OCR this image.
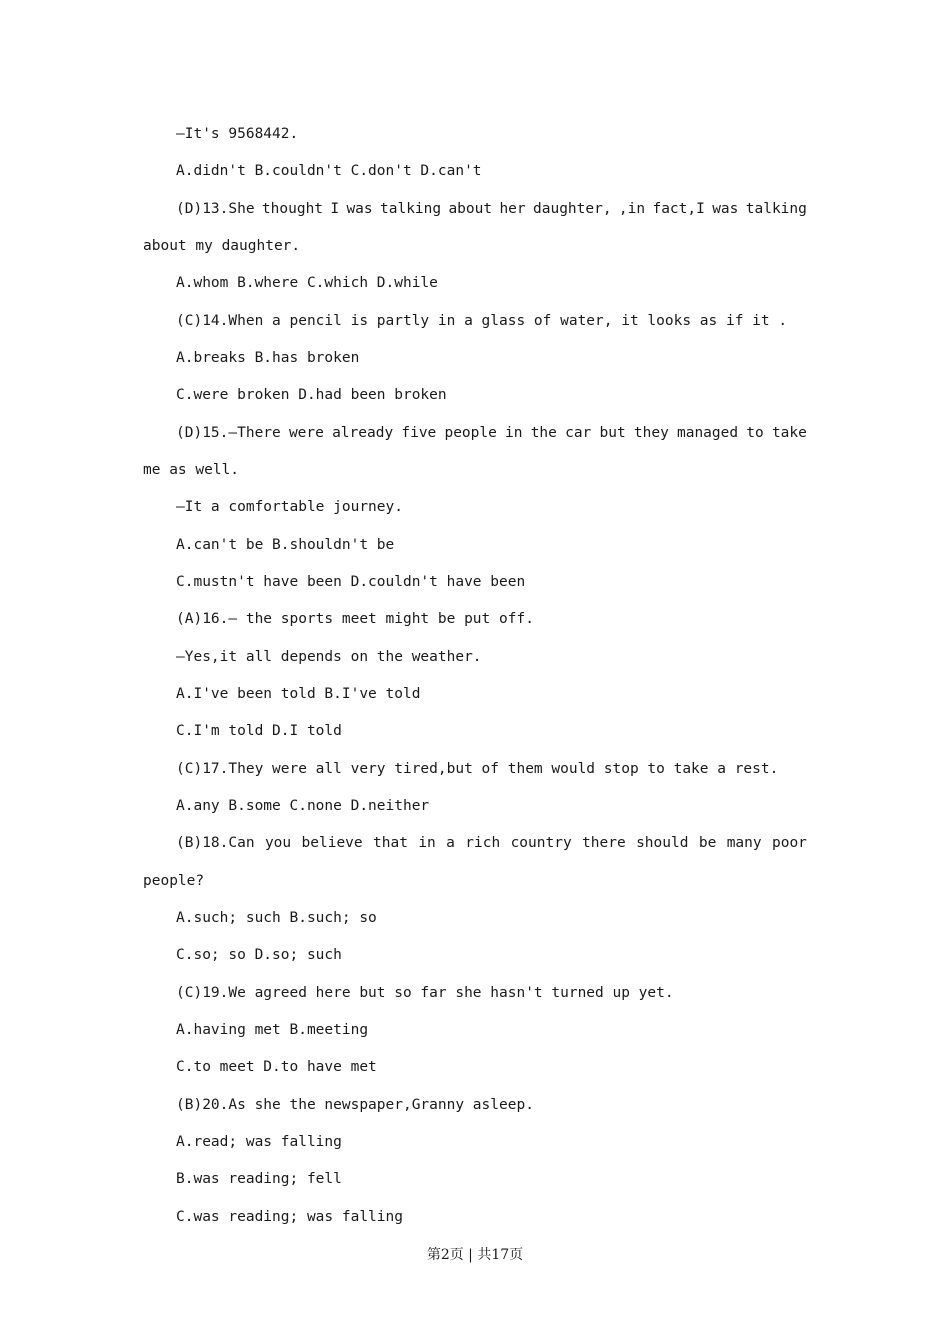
—It's 9568442.
A.didn't B.couldn't C.don't D.can't
(D)13.She thought I was talking about her daughter, ,in fact,I was talking
about my daughter.
A.whom B.where C.which D.while
(C)14.When a pencil is partly in a glass of water, it looks as if it .
A.breaks B.has broken
C.were broken D.had been broken
(D)15.—There were already five people in the car but they managed to take
me as well.
—It a comfortable journey.
A.can't be B.shouldn't be
C.mustn't have been D.couldn't have been
(A)16.— the sports meet might be put off.
—Yes,it all depends on the weather.
A.I've been told B.I've told
C.I'm told D.I told
(C)17.They were all very tired,but of them would stop to take a rest.
A.any B.some C.none D.neither
(B)18.Can you believe that in a rich country there should be many poor
people?
A.such; such B.such; so
C.so; so D.so; such
(C)19.We agreed here but so far she hasn't turned up yet.
A.having met B.meeting
C.to meet D.to have met
(B)20.As she the newspaper,Granny asleep.
A.read; was falling
B.was reading; fell
C.was reading; was falling
第2页 | 共17页
